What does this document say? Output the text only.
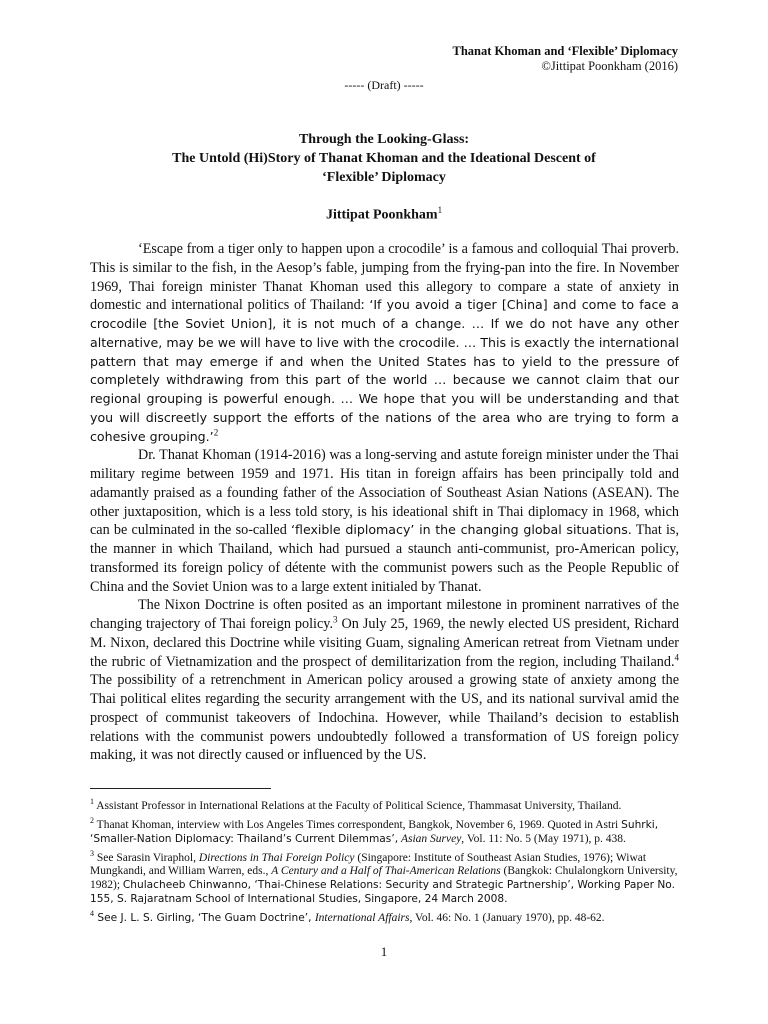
Thanat Khoman and ‘Flexible’ Diplomacy
©Jittipat Poonkham (2016)
----- (Draft) -----
Through the Looking-Glass:
The Untold (Hi)Story of Thanat Khoman and the Ideational Descent of
‘Flexible’ Diplomacy
Jittipat Poonkham$^1$

‘Escape from a tiger only to happen upon a crocodile’ is a famous and colloquial Thai proverb. This is similar to the fish, in the Aesop’s fable, jumping from the frying-pan into the fire. In November 1969, Thai foreign minister Thanat Khoman used this allegory to compare a state of anxiety in domestic and international politics of Thailand: ‘If you avoid a tiger [China] and come to face a crocodile [the Soviet Union], it is not much of a change. … If we do not have any other alternative, may be we will have to live with the crocodile. … This is exactly the international pattern that may emerge if and when the United States has to yield to the pressure of completely withdrawing from this part of the world … because we cannot claim that our regional grouping is powerful enough. … We hope that you will be understanding and that you will discreetly support the efforts of the nations of the area who are trying to form a cohesive grouping.’$^2$

Dr. Thanat Khoman (1914-2016) was a long-serving and astute foreign minister under the Thai military regime between 1959 and 1971. His titan in foreign affairs has been principally told and adamantly praised as a founding father of the Association of Southeast Asian Nations (ASEAN). The other juxtaposition, which is a less told story, is his ideational shift in Thai diplomacy in 1968, which can be culminated in the so-called ‘flexible diplomacy’ in the changing global situations. That is, the manner in which Thailand, which had pursued a staunch anti-communist, pro-American policy, transformed its foreign policy of détente with the communist powers such as the People Republic of China and the Soviet Union was to a large extent initialed by Thanat.

The Nixon Doctrine is often posited as an important milestone in prominent narratives of the changing trajectory of Thai foreign policy.$^3$ On July 25, 1969, the newly elected US president, Richard M. Nixon, declared this Doctrine while visiting Guam, signaling American retreat from Vietnam under the rubric of Vietnamization and the prospect of demilitarization from the region, including Thailand.$^4$ The possibility of a retrenchment in American policy aroused a growing state of anxiety among the Thai political elites regarding the security arrangement with the US, and its national survival amid the prospect of communist takeovers of Indochina. However, while Thailand’s decision to establish relations with the communist powers undoubtedly followed a transformation of US foreign policy making, it was not directly caused or influenced by the US.

$^1$ Assistant Professor in International Relations at the Faculty of Political Science, Thammasat University, Thailand.
$^2$ Thanat Khoman, interview with Los Angeles Times correspondent, Bangkok, November 6, 1969. Quoted in Astri Suhrki, ‘Smaller-Nation Diplomacy: Thailand’s Current Dilemmas’, Asian Survey, Vol. 11: No. 5 (May 1971), p. 438.
$^3$ See Sarasin Viraphol, Directions in Thai Foreign Policy (Singapore: Institute of Southeast Asian Studies, 1976); Wiwat Mungkandi, and William Warren, eds., A Century and a Half of Thai-American Relations (Bangkok: Chulalongkorn University, 1982); Chulacheeb Chinwanno, ‘Thai-Chinese Relations: Security and Strategic Partnership’, Working Paper No. 155, S. Rajaratnam School of International Studies, Singapore, 24 March 2008.
$^4$ See J. L. S. Girling, ‘The Guam Doctrine’, International Affairs, Vol. 46: No. 1 (January 1970), pp. 48-62.
1
